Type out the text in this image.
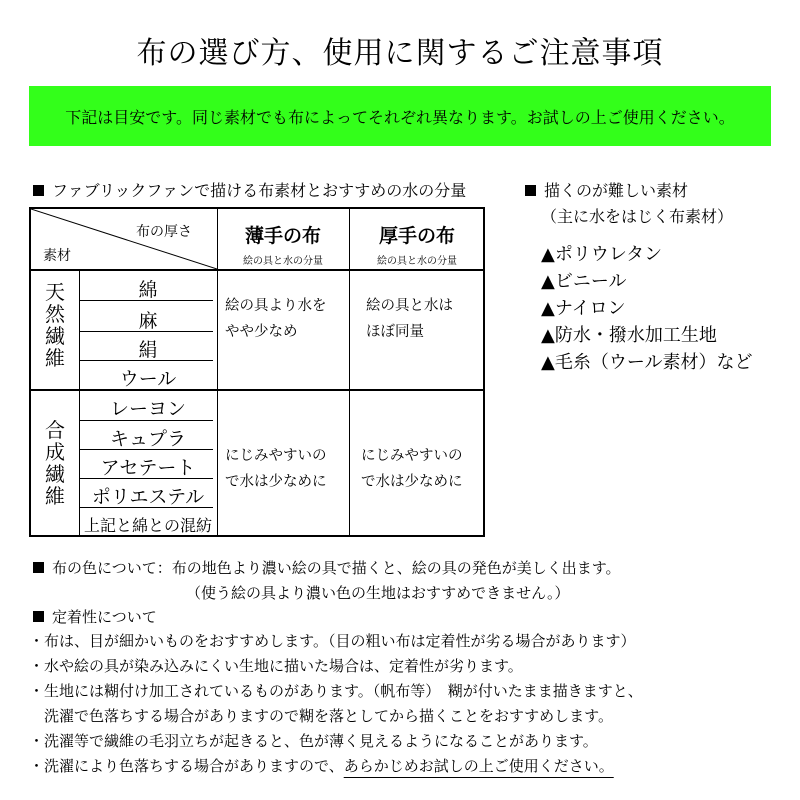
布の選び方、使用に関するご注意事項
下記は目安です。同じ素材でも布によってそれぞれ異なります。お試しの上ご使用ください。
ファブリックファンで描ける布素材とおすすめの水の分量
布の厚さ
素材
薄手の布
絵の具と水の分量
厚手の布
絵の具と水の分量
天
然
繊
維
綿
麻
絹
ウール
絵の具より水を
やや少なめ
絵の具と水は
ほぼ同量
合
成
繊
維
レーヨン
キュプラ
アセテート
ポリエステル
上記と綿との混紡
にじみやすいの
で水は少なめに
にじみやすいの
で水は少なめに
描くのが難しい素材
（主に水をはじく布素材）
▲ポリウレタン
▲ビニール
▲ナイロン
▲防水・撥水加工生地
▲毛糸（ウール素材）など
布の色について：布の地色より濃い絵の具で描くと、絵の具の発色が美しく出ます。
（使う絵の具より濃い色の生地はおすすめできません。）
定着性について
・布は、目が細かいものをおすすめします。（目の粗い布は定着性が劣る場合があります）
・水や絵の具が染み込みにくい生地に描いた場合は、定着性が劣ります。
・生地には糊付け加工されているものがあります。（帆布等）　糊が付いたまま描きますと、
　洗濯で色落ちする場合がありますので糊を落としてから描くことをおすすめします。
・洗濯等で繊維の毛羽立ちが起きると、色が薄く見えるようになることがあります。
・洗濯により色落ちする場合がありますので、あらかじめお試しの上ご使用ください。
